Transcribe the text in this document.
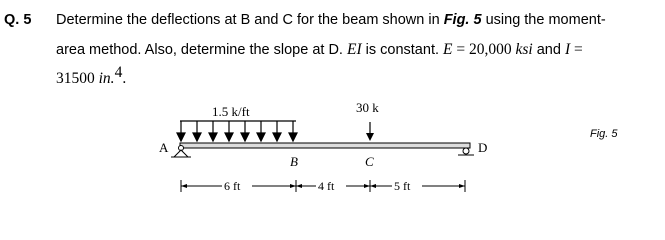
Q. 5 Determine the deflections at B and C for the beam shown in Fig. 5 using the moment-
area method. Also, determine the slope at D. EI is constant. E = 20,000 ksi and I =
31500 in.$^4$.
1.5 k/ft	30 k
A	D
B	C
6 ft	4 ft	5 ft
Fig. 5
